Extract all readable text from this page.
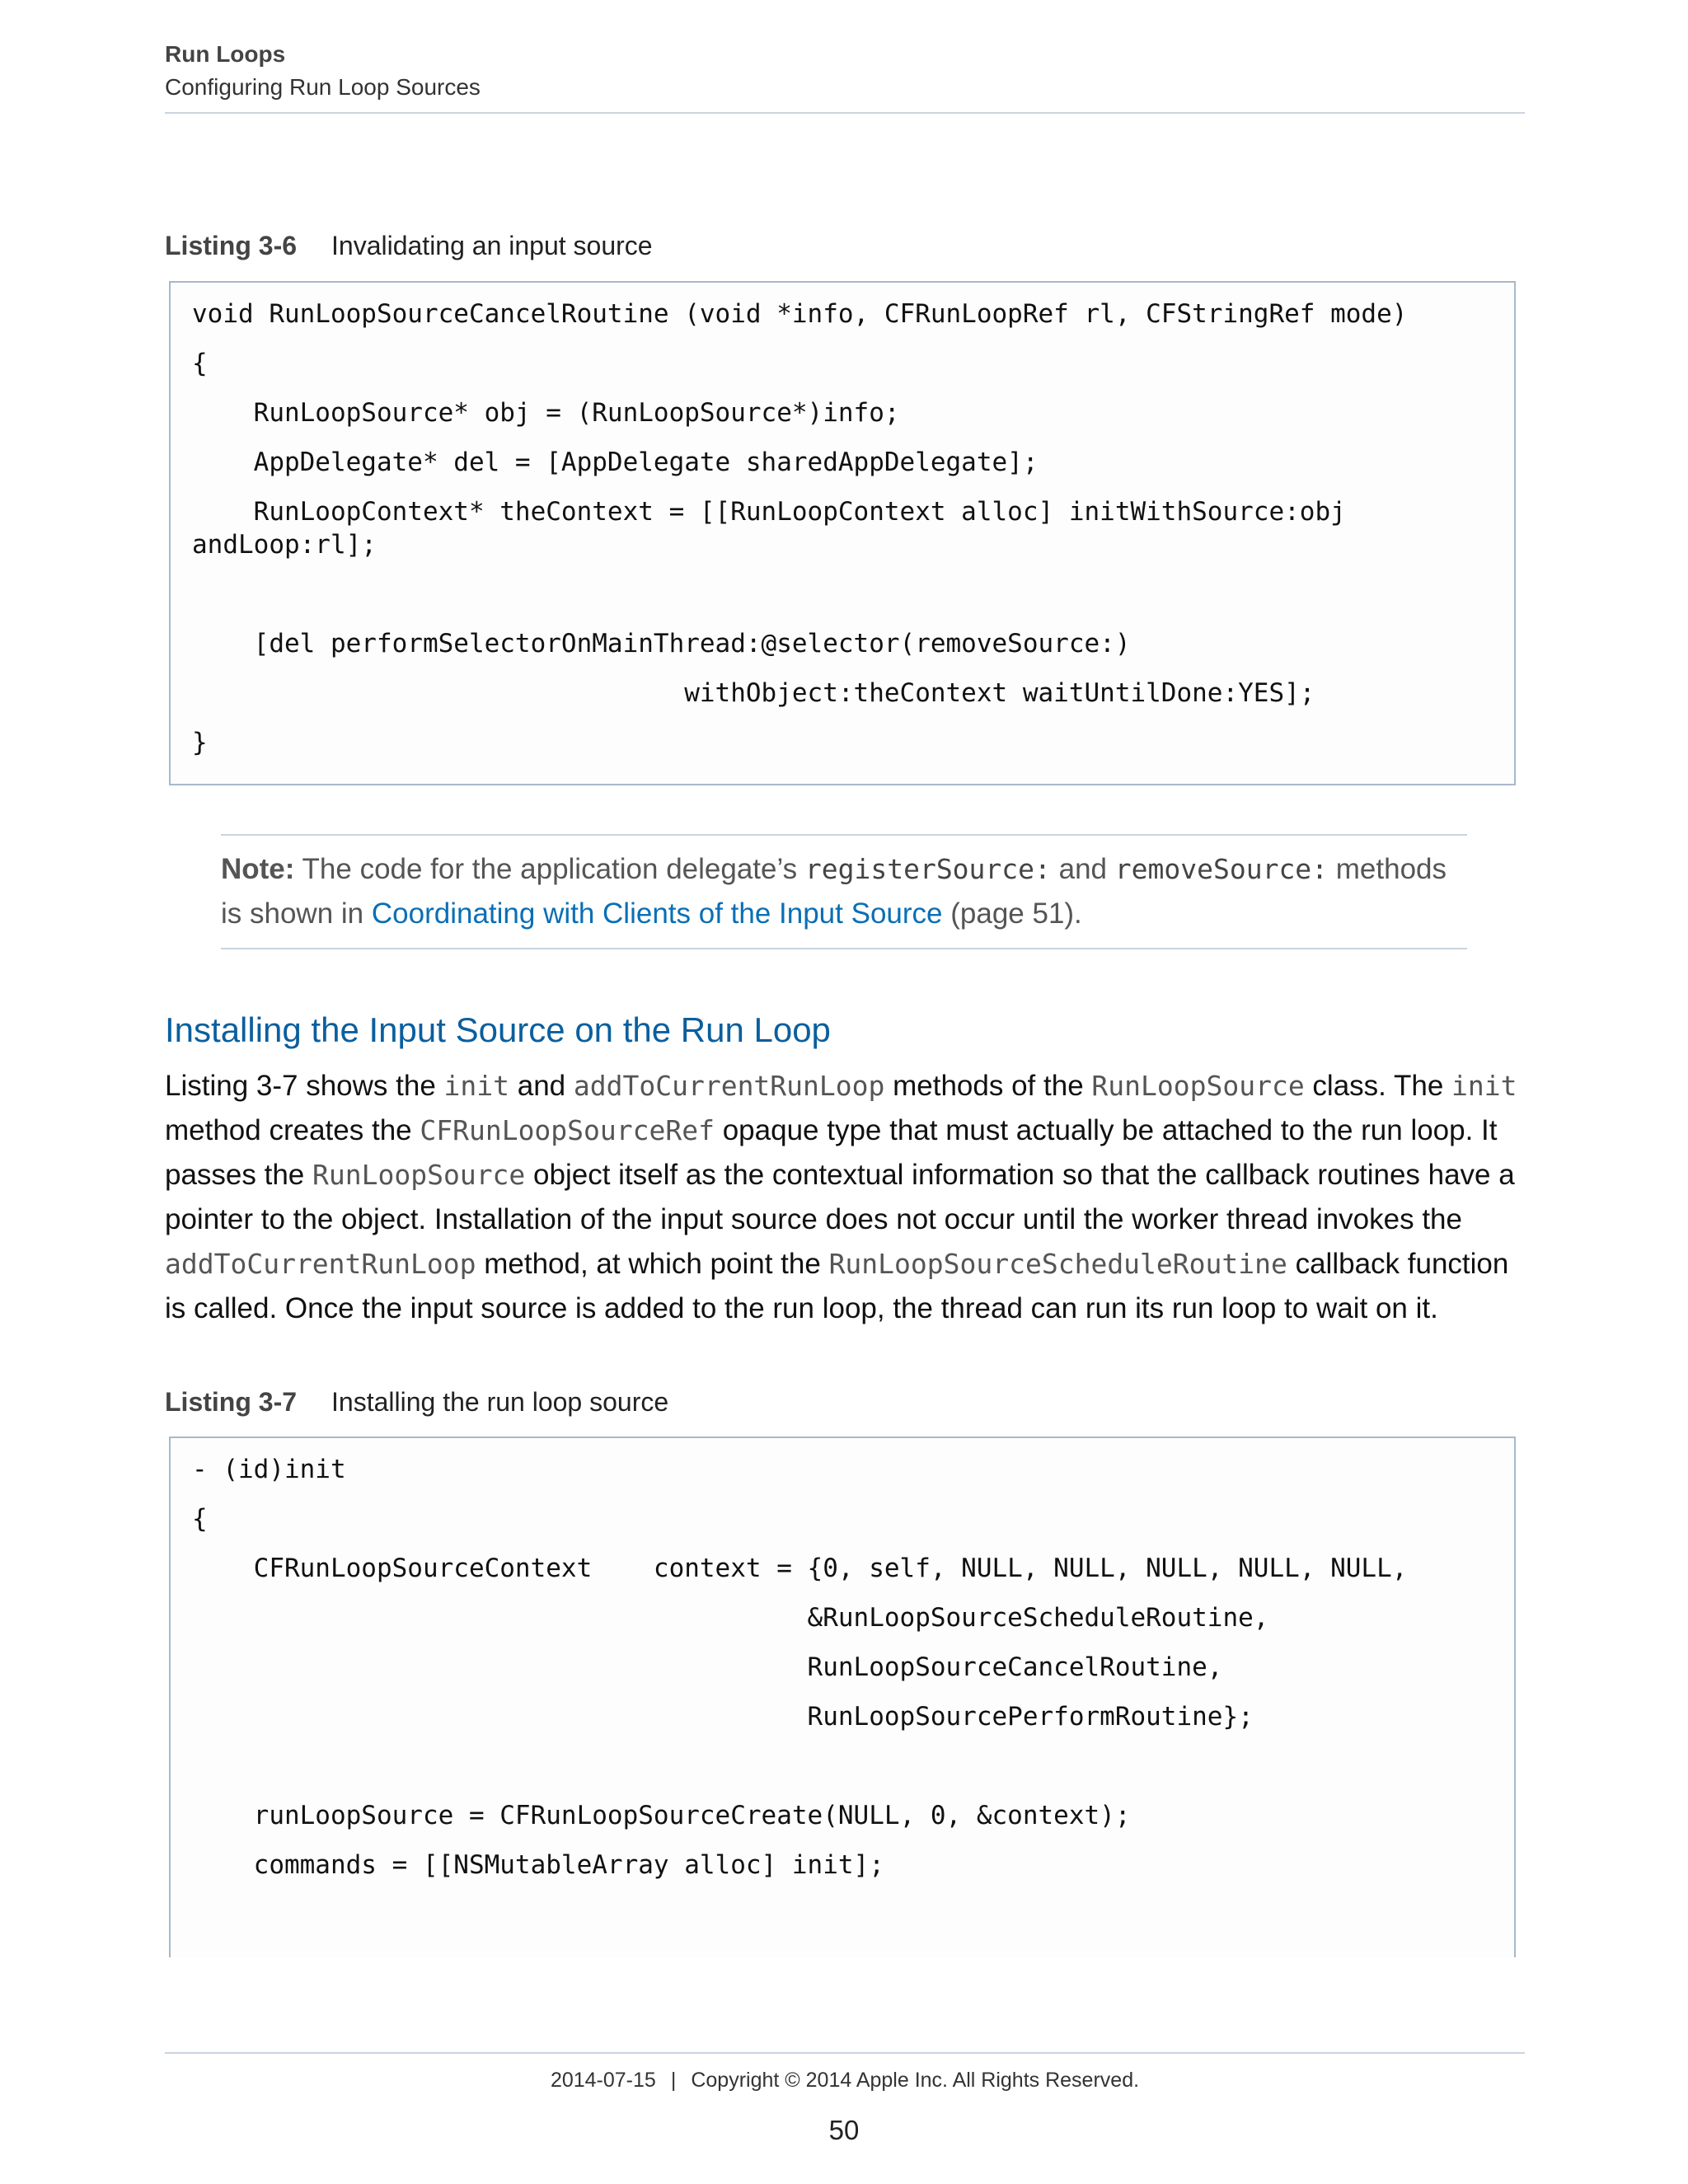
Run Loops
Configuring Run Loop Sources
Listing 3-6 Invalidating an input source
void RunLoopSourceCancelRoutine (void *info, CFRunLoopRef rl, CFStringRef mode)
{
RunLoopSource* obj = (RunLoopSource*)info;
AppDelegate* del = [AppDelegate sharedAppDelegate];
RunLoopContext* theContext = [[RunLoopContext alloc] initWithSource:obj
andLoop:rl];
[del performSelectorOnMainThread:@selector(removeSource:)
withObject:theContext waitUntilDone:YES];
}
Note: The code for the application delegate’s registerSource: and removeSource: methods is shown in Coordinating with Clients of the Input Source (page 51).
Installing the Input Source on the Run Loop
Listing 3-7 shows the init and addToCurrentRunLoop methods of the RunLoopSource class. The init method creates the CFRunLoopSourceRef opaque type that must actually be attached to the run loop. It passes the RunLoopSource object itself as the contextual information so that the callback routines have a pointer to the object. Installation of the input source does not occur until the worker thread invokes the addToCurrentRunLoop method, at which point the RunLoopSourceScheduleRoutine callback function is called. Once the input source is added to the run loop, the thread can run its run loop to wait on it.
Listing 3-7 Installing the run loop source
- (id)init
{
CFRunLoopSourceContext    context = {0, self, NULL, NULL, NULL, NULL, NULL,
&RunLoopSourceScheduleRoutine,
RunLoopSourceCancelRoutine,
RunLoopSourcePerformRoutine};
runLoopSource = CFRunLoopSourceCreate(NULL, 0, &context);
commands = [[NSMutableArray alloc] init];
2014-07-15 | Copyright © 2014 Apple Inc. All Rights Reserved.
50
